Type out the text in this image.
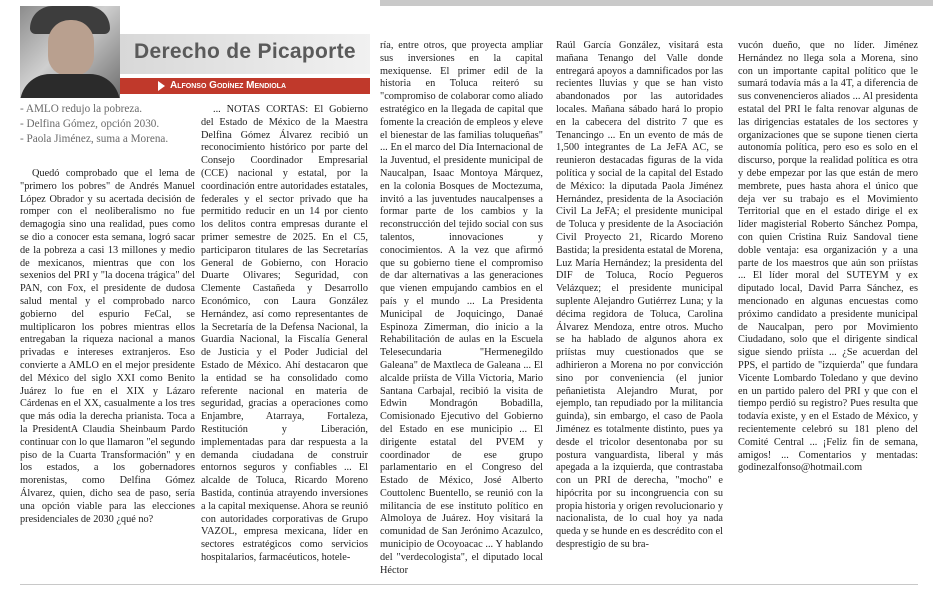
Derecho de Picaporte
Alfonso Godínez Mendiola
- AMLO redujo la pobreza.
- Delfina Gómez, opción 2030.
- Paola Jiménez, suma a Morena.

Quedó comprobado que el lema de "primero los pobres" de Andrés Manuel López Obrador y su acertada decisión de romper con el neoliberalismo no fue demagogia sino una realidad, pues como se dio a conocer esta semana, logró sacar de la pobreza a casi 13 millones y medio de mexicanos, mientras que con los sexenios del PRI y "la docena trágica" del PAN, con Fox, el presidente de dudosa salud mental y el comprobado narco gobierno del espurio FeCal, se multiplicaron los pobres mientras ellos entregaban la riqueza nacional a manos privadas e intereses extranjeros. Eso convierte a AMLO en el mejor presidente del México del siglo XXI como Benito Juárez lo fue en el XIX y Lázaro Cárdenas en el XX, casualmente a los tres que más odia la derecha prianista. Toca a la PresidentA Claudia Sheinbaum Pardo continuar con lo que llamaron "el segundo piso de la Cuarta Transformación" y en los estados, a los gobernadores morenistas, como Delfina Gómez Álvarez, quien, dicho sea de paso, sería una opción viable para las elecciones presidenciales de 2030 ¿qué no?

... NOTAS CORTAS: El Gobierno del Estado de México de la Maestra Delfina Gómez Álvarez recibió un reconocimiento histórico por parte del Consejo Coordinador Empresarial (CCE) nacional y estatal, por la coordinación entre autoridades estatales, federales y el sector privado que ha permitido reducir en un 14 por ciento los delitos contra empresas durante el primer semestre de 2025. En el C5, participaron titulares de las Secretarías General de Gobierno, con Horacio Duarte Olivares; Seguridad, con Clemente Castañeda y Desarrollo Económico, con Laura González Hernández, así como representantes de la Secretaría de la Defensa Nacional, la Guardia Nacional, la Fiscalía General de Justicia y el Poder Judicial del Estado de México. Ahí destacaron que la entidad se ha consolidado como referente nacional en materia de seguridad, gracias a operaciones como Enjambre, Atarraya, Fortaleza, Restitución y Liberación, implementadas para dar respuesta a la demanda ciudadana de construir entornos seguros y confiables ... El alcalde de Toluca, Ricardo Moreno Bastida, continúa atrayendo inversiones a la capital mexiquense. Ahora se reunió con autoridades corporativas de Grupo VAZOL, empresa mexicana, líder en sectores estratégicos como servicios hospitalarios, farmacéuticos, hotele-

ría, entre otros, que proyecta ampliar sus inversiones en la capital mexiquense. El primer edil de la historia en Toluca reiteró su "compromiso de colaborar como aliado estratégico en la llegada de capital que fomente la creación de empleos y eleve el bienestar de las familias toluqueñas" ... En el marco del Día Internacional de la Juventud, el presidente municipal de Naucalpan, Isaac Montoya Márquez, en la colonia Bosques de Moctezuma, invitó a las juventudes naucalpenses a formar parte de los cambios y la reconstrucción del tejido social con sus talentos, innovaciones y conocimientos. A la vez que afirmó que su gobierno tiene el compromiso de dar alternativas a las generaciones que vienen empujando cambios en el país y el mundo ... La Presidenta Municipal de Joquicingo, Danaé Espinoza Zimerman, dio inicio a la Rehabilitación de aulas en la Escuela Telesecundaria "Hermenegildo Galeana" de Maxtleca de Galeana ... El alcalde priísta de Villa Victoria, Mario Santana Carbajal, recibió la visita de Edwin Mondragón Bobadilla, Comisionado Ejecutivo del Gobierno del Estado en ese municipio ... El dirigente estatal del PVEM y coordinador de ese grupo parlamentario en el Congreso del Estado de México, José Alberto Couttolenc Buentello, se reunió con la militancia de ese instituto político en Almoloya de Juárez. Hoy visitará la comunidad de San Jerónimo Acazulco, municipio de Ocoyoacac ... Y hablando del "verdecologista", el diputado local Héctor

Raúl García González, visitará esta mañana Tenango del Valle donde entregará apoyos a damnificados por las recientes lluvias y que se han visto abandonados por las autoridades locales. Mañana sábado hará lo propio en la cabecera del distrito 7 que es Tenancingo ... En un evento de más de 1,500 integrantes de La JeFA AC, se reunieron destacadas figuras de la vida política y social de la capital del Estado de México: la diputada Paola Jiménez Hernández, presidenta de la Asociación Civil La JeFA; el presidente municipal de Toluca y presidente de la Asociación Civil Proyecto 21, Ricardo Moreno Bastida; la presidenta estatal de Morena, Luz María Hernández; la presidenta del DIF de Toluca, Rocío Pegueros Velázquez; el presidente municipal suplente Alejandro Gutiérrez Luna; y la décima regidora de Toluca, Carolina Álvarez Mendoza, entre otros. Mucho se ha hablado de algunos ahora ex priístas muy cuestionados que se adhirieron a Morena no por convicción sino por conveniencia (el junior peñanietista Alejandro Murat, por ejemplo, tan repudiado por la militancia guinda), sin embargo, el caso de Paola Jiménez es totalmente distinto, pues ya desde el tricolor desentonaba por su postura vanguardista, liberal y más apegada a la izquierda, que contrastaba con un PRI de derecha, "mocho" e hipócrita por su incongruencia con su propia historia y origen revolucionario y nacionalista, de lo cual hoy ya nada queda y se hunde en es descrédito con el desprestigio de su bra-

vucón dueño, que no líder. Jiménez Hernández no llega sola a Morena, sino con un importante capital político que le sumará todavía más a la 4T, a diferencia de sus convenencieros aliados ... Al presidenta estatal del PRI le falta renovar algunas de las dirigencias estatales de los sectores y organizaciones que se supone tienen cierta autonomía política, pero eso es solo en el discurso, porque la realidad política es otra y debe empezar por las que están de mero membrete, pues hasta ahora el único que deja ver su trabajo es el Movimiento Territorial que en el estado dirige el ex líder magisterial Roberto Sánchez Pompa, con quien Cristina Ruiz Sandoval tiene doble ventaja: esa organización y a una parte de los maestros que aún son priístas ... El líder moral del SUTEYM y ex diputado local, David Parra Sánchez, es mencionado en algunas encuestas como próximo candidato a presidente municipal de Naucalpan, pero por Movimiento Ciudadano, solo que el dirigente sindical sigue siendo priísta ... ¿Se acuerdan del PPS, el partido de "izquierda" que fundara Vicente Lombardo Toledano y que devino en un partido palero del PRI y que con el tiempo perdió su registro? Pues resulta que todavía existe, y en el Estado de México, y recientemente celebró su 181 pleno del Comité Central ... ¡Feliz fin de semana, amigos! ... Comentarios y mentadas: godinezalfonso@hotmail.com
